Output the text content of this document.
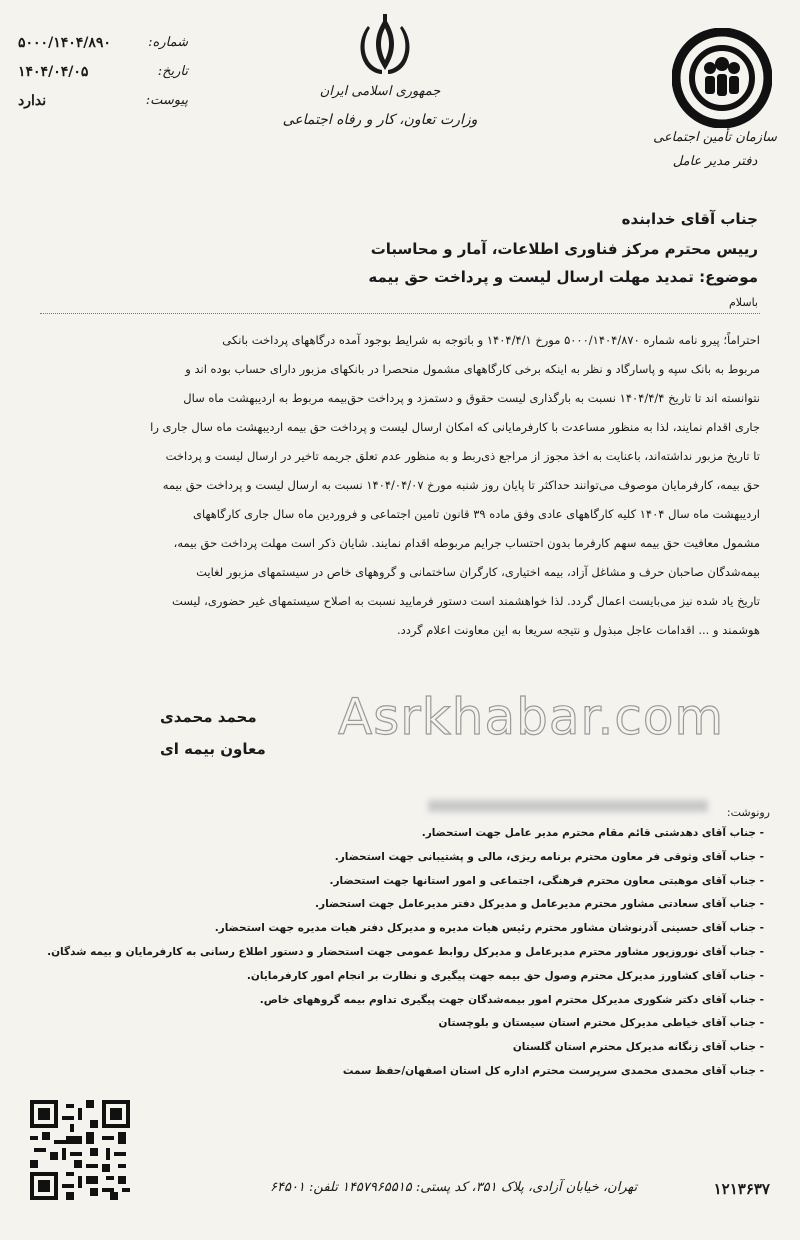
شماره:
۵۰۰۰/۱۴۰۴/۸۹۰
تاریخ:
۱۴۰۴/۰۴/۰۵
پیوست:
ندارد
جمهوری اسلامی ایران
وزارت تعاون، کار و رفاه اجتماعی
سازمان تأمین اجتماعی
دفتر مدیر عامل
جناب آقای خدابنده
رییس محترم مرکز فناوری اطلاعات، آمار و محاسبات
موضوع: تمدید مهلت ارسال لیست و پرداخت حق بیمه
باسلام
احتراماً؛ پیرو نامه شماره ۵۰۰۰/۱۴۰۴/۸۷۰ مورخ ۱۴۰۴/۴/۱ و باتوجه به شرایط بوجود آمده درگاههای پرداخت بانکی
مربوط به بانک سپه و پاسارگاد و نظر به اینکه برخی کارگاههای مشمول منحصرا در بانکهای مزبور دارای حساب بوده اند و
نتوانسته اند تا تاریخ ۱۴۰۴/۴/۴ نسبت به بارگذاری لیست حقوق و دستمزد و پرداخت حق‌بیمه مربوط به اردیبهشت ماه سال
جاری اقدام نمایند، لذا به منظور مساعدت با کارفرمایانی که امکان ارسال لیست و پرداخت حق بیمه اردیبهشت ماه سال جاری را
تا تاریخ مزبور نداشته‌اند، باعنایت به اخذ مجوز از مراجع ذی‌ربط و به منظور عدم تعلق جریمه تاخیر در ارسال لیست و پرداخت
حق بیمه، کارفرمایان موصوف می‌توانند حداکثر تا پایان روز شنبه مورخ ۱۴۰۴/۰۴/۰۷ نسبت به ارسال لیست و پرداخت حق بیمه
اردیبهشت ماه سال ۱۴۰۴ کلیه کارگاههای عادی وفق ماده ۳۹ قانون تامین اجتماعی و فروردین ماه سال جاری کارگاههای
مشمول معافیت حق بیمه سهم کارفرما بدون احتساب جرایم مربوطه اقدام نمایند. شایان ذکر است مهلت پرداخت حق بیمه،
بیمه‌شدگان صاحبان حرف و مشاغل آزاد، بیمه اختیاری، کارگران ساختمانی و گروههای خاص در سیستمهای مزبور لغایت
تاریخ یاد شده نیز می‌بایست اعمال گردد. لذا خواهشمند است دستور فرمایید نسبت به اصلاح سیستمهای غیر حضوری، لیست
هوشمند و ... اقدامات عاجل مبذول و نتیجه سریعا به این معاونت اعلام گردد.
محمد محمدی
معاون بیمه ای
Asrkhabar.com
رونوشت:
- جناب آقای دهدشتی قائم مقام محترم مدیر عامل جهت استحضار.
- جناب آقای وثوقی فر معاون محترم برنامه ریزی، مالی و پشتیبانی جهت استحضار.
- جناب آقای موهبتی معاون محترم فرهنگی، اجتماعی و امور استانها جهت استحضار.
- جناب آقای سعادتی مشاور محترم مدیرعامل و مدیرکل دفتر مدیرعامل جهت استحضار.
- جناب آقای حسینی آذرنوشان مشاور محترم رئیس هیات مدیره و مدیرکل دفتر هیات مدیره جهت استحضار.
- جناب آقای نوروزپور مشاور محترم مدیرعامل و مدیرکل روابط عمومی جهت استحضار و دستور اطلاع رسانی به کارفرمایان و بیمه شدگان.
- جناب آقای کشاورز مدیرکل محترم وصول حق بیمه جهت پیگیری و نظارت بر انجام امور کارفرمایان.
- جناب آقای دکتر شکوری مدیرکل محترم امور بیمه‌شدگان جهت پیگیری تداوم بیمه گروههای خاص.
- جناب آقای خیاطی مدیرکل محترم استان سیستان و بلوچستان
- جناب آقای زنگانه مدیرکل محترم استان گلستان
- جناب آقای محمدی محمدی سرپرست محترم اداره کل استان اصفهان/حفظ سمت
تهران، خیابان آزادی، پلاک ۳۵۱، کد پستی: ۱۴۵۷۹۶۵۵۱۵ تلفن: ۶۴۵۰۱	۱۲۱۳۶۳۷
